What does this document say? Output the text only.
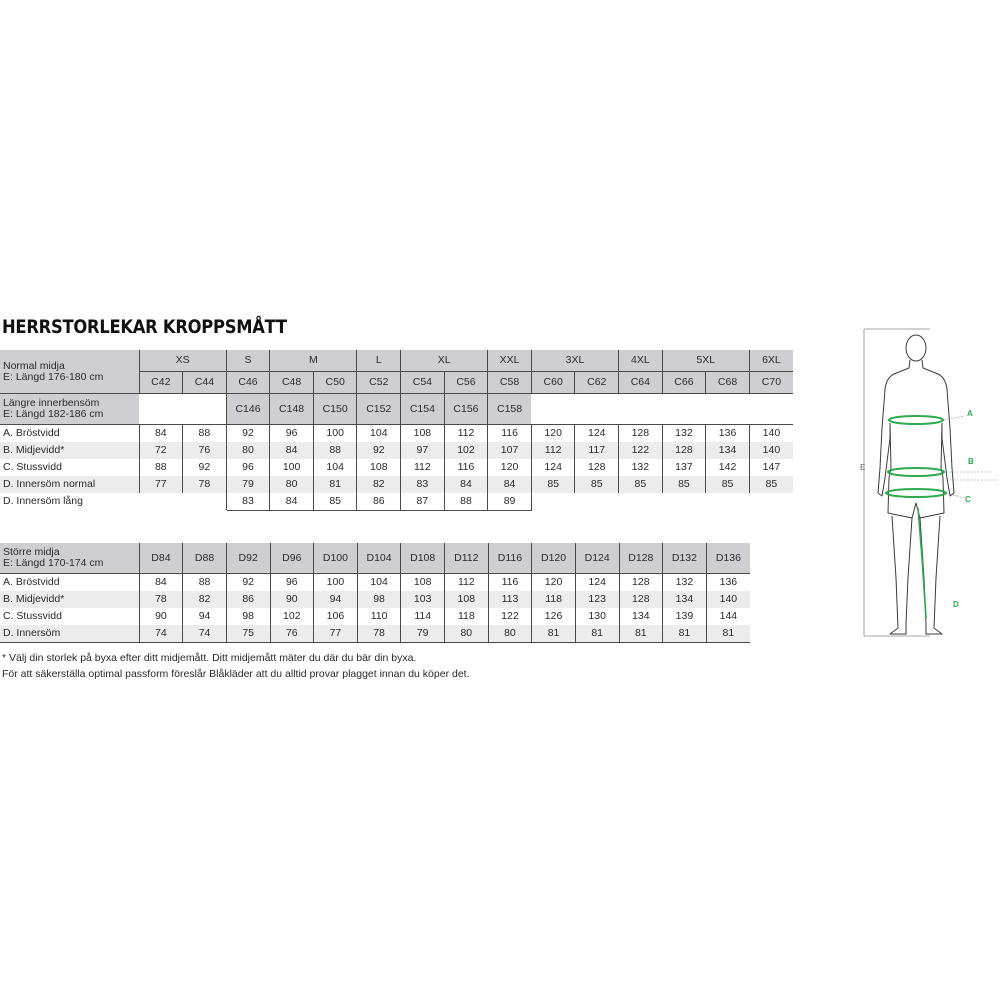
HERRSTORLEKAR KROPPSMÅTT
Normal midja
E: Längd 176-180 cm	XS		S	M		L	XL		XXL	3XL		4XL	5XL		6XL
	C42	C44	C46	C48	C50	C52	C54	C56	C58	C60	C62	C64	C66	C68	C70

Längre innerbensöm
E: Längd 182-186 cm			C146	C148	C150	C152	C154	C156	C158						
A. Bröstvidd	84	88	92	96	100	104	108	112	116	120	124	128	132	136	140
B. Midjevidd*	72	76	80	84	88	92	97	102	107	112	117	122	128	134	140
C. Stussvidd	88	92	96	100	104	108	112	116	120	124	128	132	137	142	147
D. Innersöm normal	77	78	79	80	81	82	83	84	84	85	85	85	85	85	85
D. Innersöm lång			83	84	85	86	87	88	89						
Större midja
E: Längd 170-174 cm	D84	D88	D92	D96	D100	D104	D108	D112	D116	D120	D124	D128	D132	D136
A. Bröstvidd	84	88	92	96	100	104	108	112	116	120	124	128	132	136
B. Midjevidd*	78	82	86	90	94	98	103	108	113	118	123	128	134	140
C. Stussvidd	90	94	98	102	106	110	114	118	122	126	130	134	139	144
D. Innersöm	74	74	75	76	77	78	79	80	80	81	81	81	81	81

* Välj din storlek på byxa efter ditt midjemått. Ditt midjemått mäter du där du bär din byxa.

För att säkerställa optimal passform föreslår Blåkläder att du alltid provar plagget innan du köper det.

A
B
C
D
E
